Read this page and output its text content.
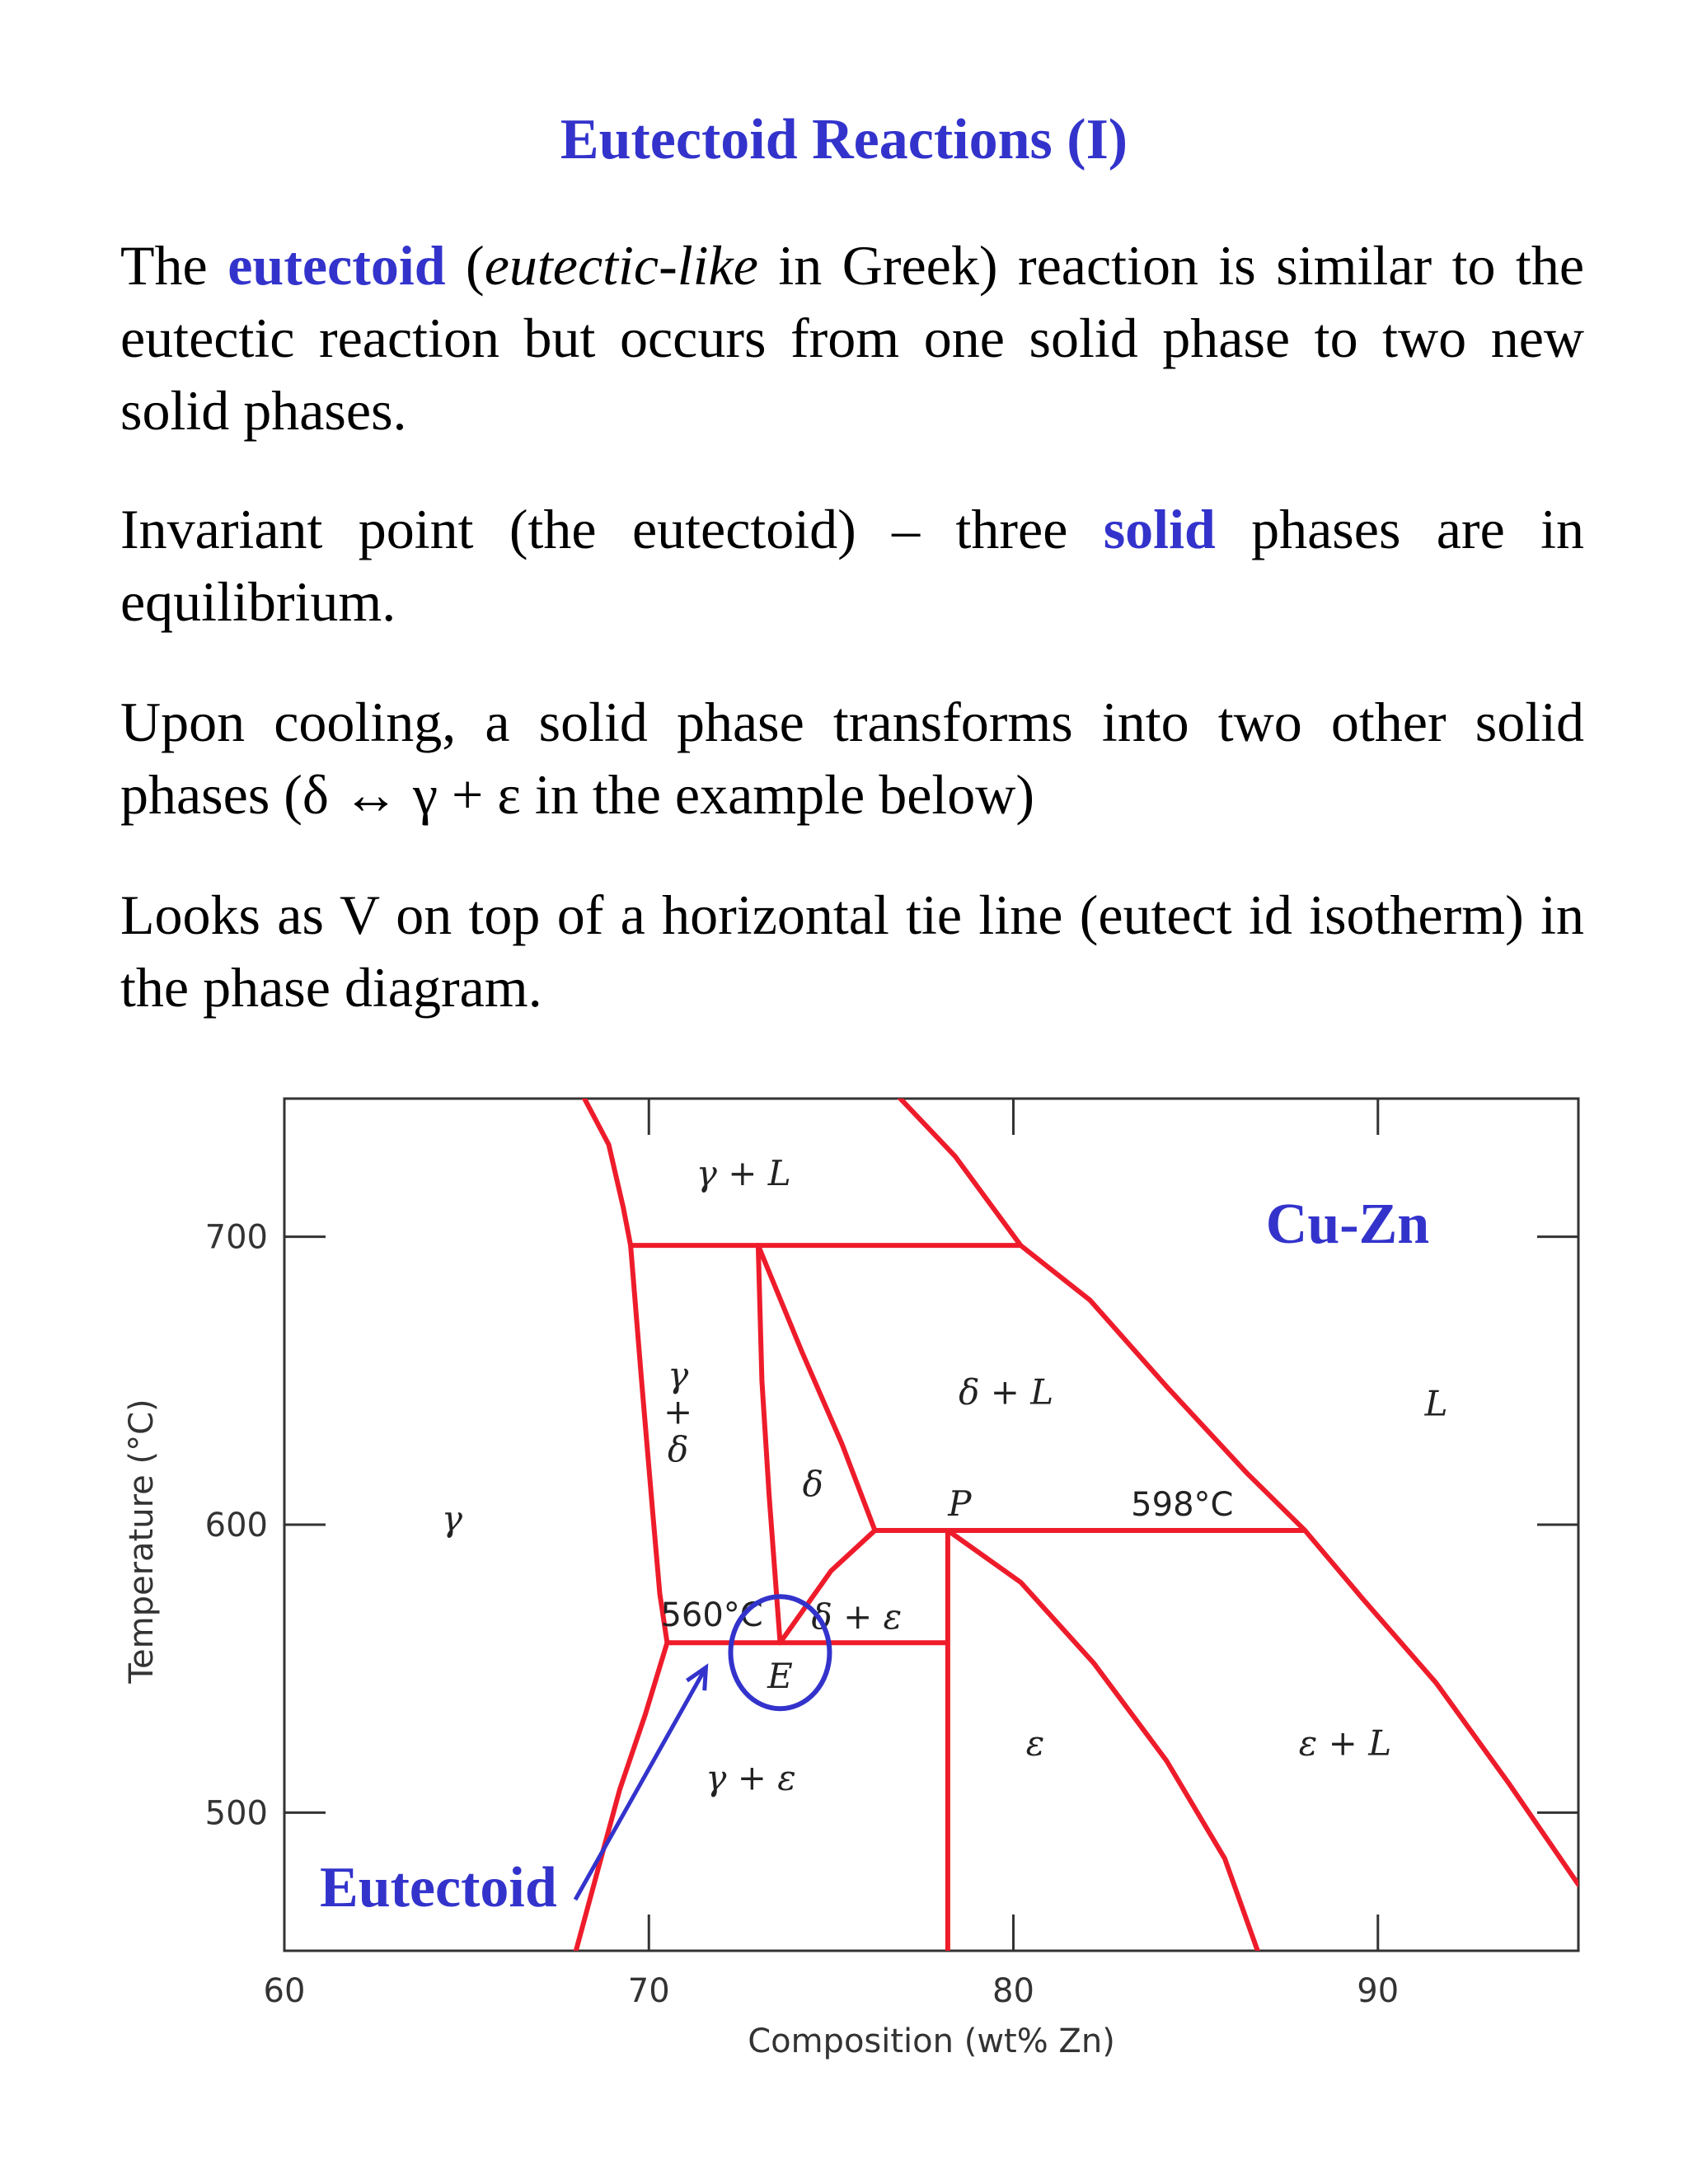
Eutectoid Reactions (I)
The eutectoid (eutectic-like in Greek) reaction is similar to the eutectic reaction but occurs from one solid phase to two new solid phases.
Invariant point (the eutectoid) – three solid phases are in equilibrium.
Upon cooling, a solid phase transforms into two other solid phases (δ ↔ γ + ε in the example below)
Looks as V on top of a horizontal tie line (eutect id isotherm) in the phase diagram.
60	70	80	90
700
600
500
γ + L
γ
γ
+
δ
δ
δ + L	L
δ + ε
γ + ε
ε	ε + L
560°C
598°C
E
P
Eutectoid
Cu-Zn
Composition (wt% Zn)
Temperature (°C)
